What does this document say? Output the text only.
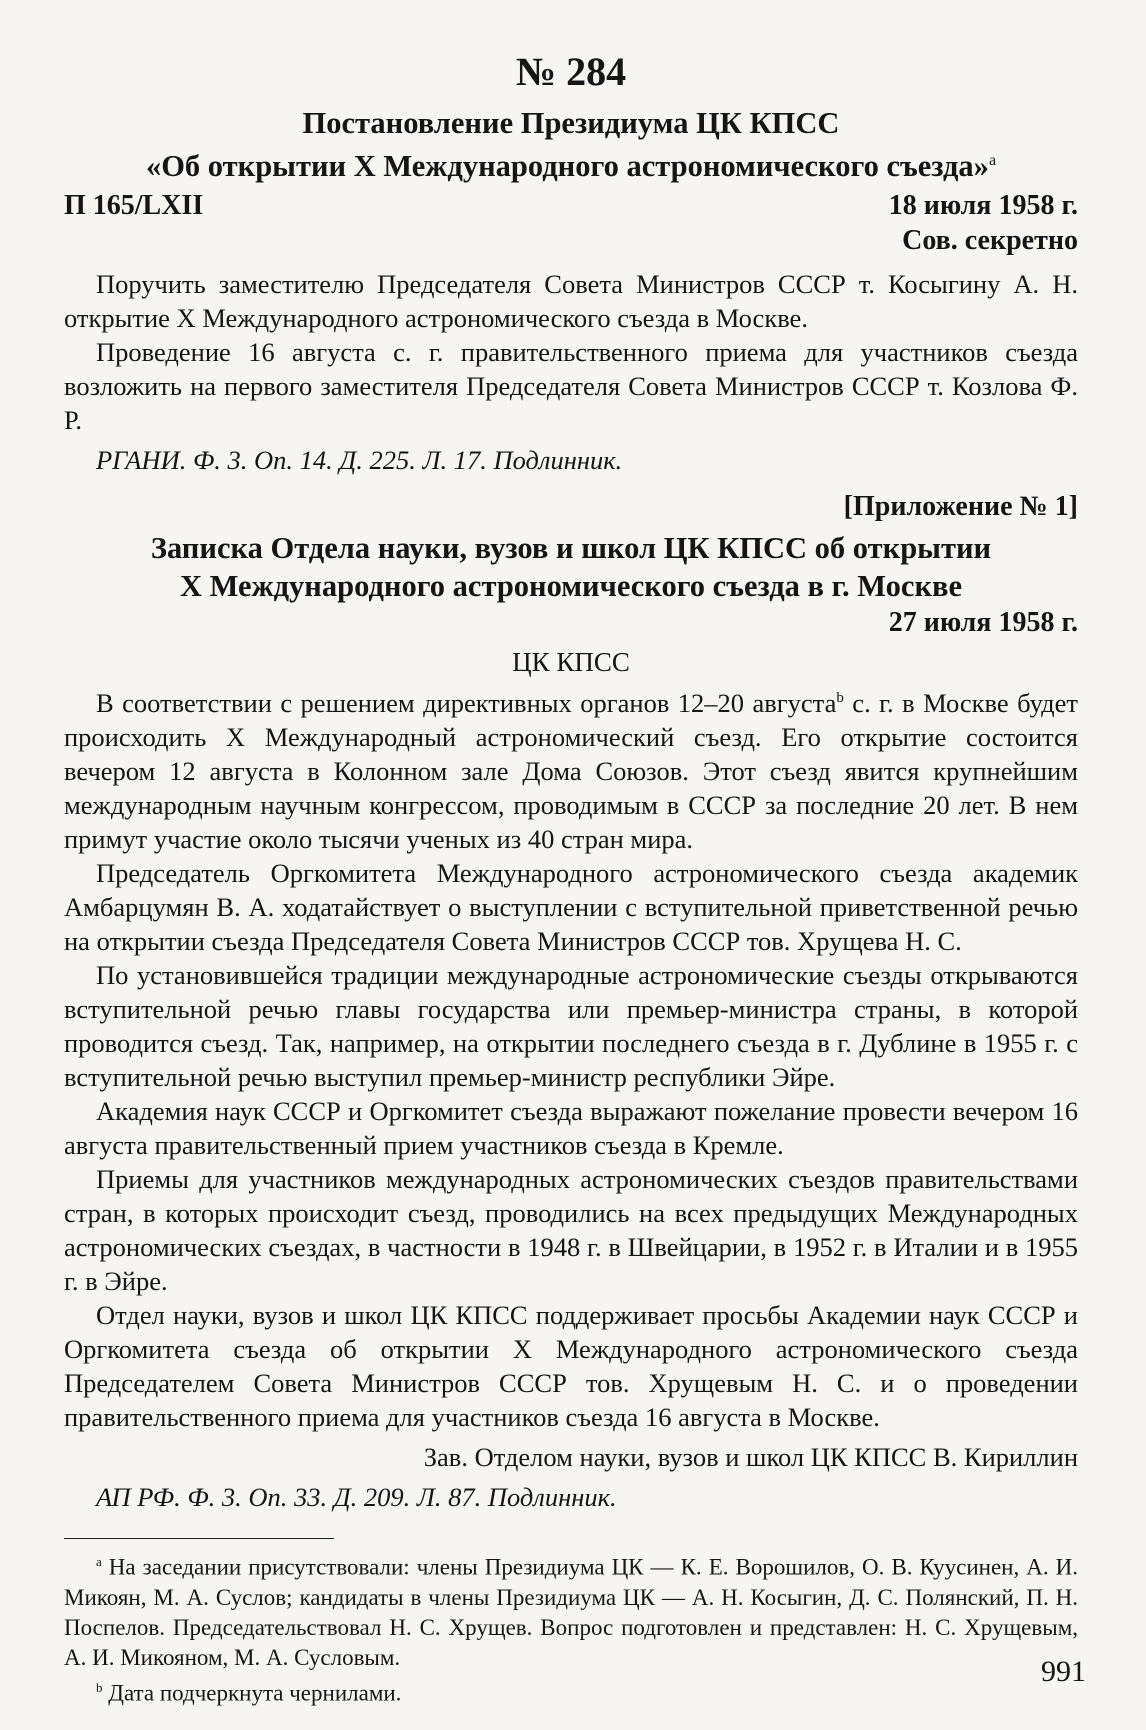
№ 284
Постановление Президиума ЦК КПСС
«Об открытии X Международного астрономического съезда»$^a$
П 165/LXII	18 июля 1958 г.
Сов. секретно

Поручить заместителю Председателя Совета Министров СССР т. Косыгину А. Н. открытие X Международного астрономического съезда в Москве.

Проведение 16 августа с. г. правительственного приема для участников съезда возложить на первого заместителя Председателя Совета Министров СССР т. Козлова Ф. Р.

РГАНИ. Ф. 3. Оп. 14. Д. 225. Л. 17. Подлинник.

[Приложение № 1]
Записка Отдела науки, вузов и школ ЦК КПСС об открытии
X Международного астрономического съезда в г. Москве
27 июля 1958 г.
ЦК КПСС

В соответствии с решением директивных органов 12–20 августа$^b$ с. г. в Москве будет происходить X Международный астрономический съезд. Его открытие состоится вечером 12 августа в Колонном зале Дома Союзов. Этот съезд явится крупнейшим международным научным конгрессом, проводимым в СССР за последние 20 лет. В нем примут участие около тысячи ученых из 40 стран мира.

Председатель Оргкомитета Международного астрономического съезда академик Амбарцумян В. А. ходатайствует о выступлении с вступительной приветственной речью на открытии съезда Председателя Совета Министров СССР тов. Хрущева Н. С.

По установившейся традиции международные астрономические съезды открываются вступительной речью главы государства или премьер-министра страны, в которой проводится съезд. Так, например, на открытии последнего съезда в г. Дублине в 1955 г. с вступительной речью выступил премьер-министр республики Эйре.

Академия наук СССР и Оргкомитет съезда выражают пожелание провести вечером 16 августа правительственный прием участников съезда в Кремле.

Приемы для участников международных астрономических съездов правительствами стран, в которых происходит съезд, проводились на всех предыдущих Международных астрономических съездах, в частности в 1948 г. в Швейцарии, в 1952 г. в Италии и в 1955 г. в Эйре.

Отдел науки, вузов и школ ЦК КПСС поддерживает просьбы Академии наук СССР и Оргкомитета съезда об открытии X Международного астрономического съезда Председателем Совета Министров СССР тов. Хрущевым Н. С. и о проведении правительственного приема для участников съезда 16 августа в Москве.

Зав. Отделом науки, вузов и школ ЦК КПСС В. Кириллин

АП РФ. Ф. 3. Оп. 33. Д. 209. Л. 87. Подлинник.

$^a$ На заседании присутствовали: члены Президиума ЦК — К. Е. Ворошилов, О. В. Куусинен, А. И. Микоян, М. А. Суслов; кандидаты в члены Президиума ЦК — А. Н. Косыгин, Д. С. Полянский, П. Н. Поспелов. Председательствовал Н. С. Хрущев. Вопрос подготовлен и представлен: Н. С. Хрущевым, А. И. Микояном, М. А. Сусловым.

$^b$ Дата подчеркнута чернилами.

991
